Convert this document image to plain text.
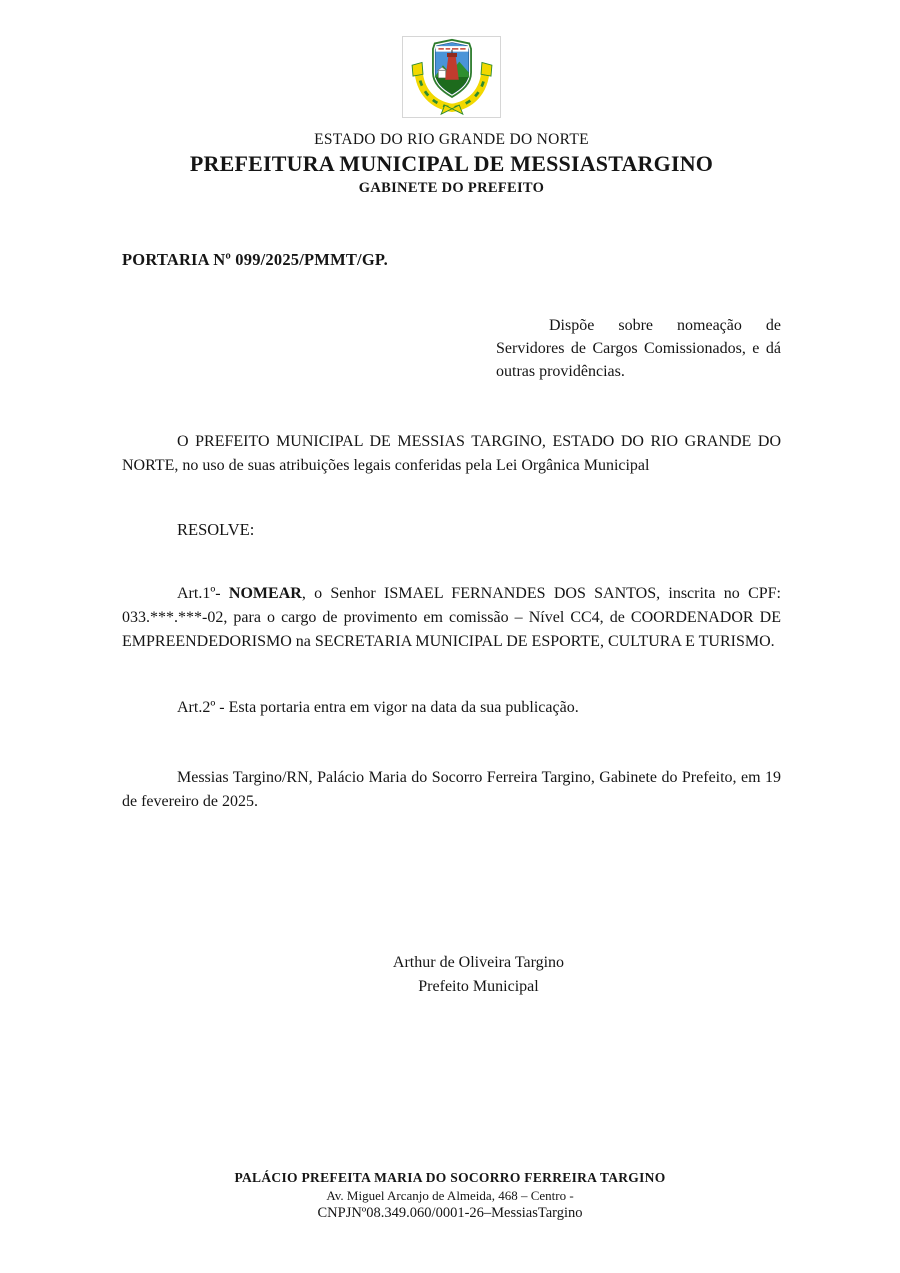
ESTADO DO RIO GRANDE DO NORTE
PREFEITURA MUNICIPAL DE MESSIASTARGINO
GABINETE DO PREFEITO
PORTARIA Nº 099/2025/PMMT/GP.
Dispõe sobre nomeação de Servidores de Cargos Comissionados, e dá outras providências.
O PREFEITO MUNICIPAL DE MESSIAS TARGINO, ESTADO DO RIO GRANDE DO NORTE, no uso de suas atribuições legais conferidas pela Lei Orgânica Municipal
RESOLVE:
Art.1º- NOMEAR, o Senhor ISMAEL FERNANDES DOS SANTOS, inscrita no CPF: 033.***.***-02, para o cargo de provimento em comissão – Nível CC4, de COORDENADOR DE EMPREENDEDORISMO na SECRETARIA MUNICIPAL DE ESPORTE, CULTURA E TURISMO.
Art.2º - Esta portaria entra em vigor na data da sua publicação.
Messias Targino/RN, Palácio Maria do Socorro Ferreira Targino, Gabinete do Prefeito, em 19 de fevereiro de 2025.
Arthur de Oliveira Targino
Prefeito Municipal
PALÁCIO PREFEITA MARIA DO SOCORRO FERREIRA TARGINO
Av. Miguel Arcanjo de Almeida, 468 – Centro -
CNPJNº08.349.060/0001-26–MessiasTargino
